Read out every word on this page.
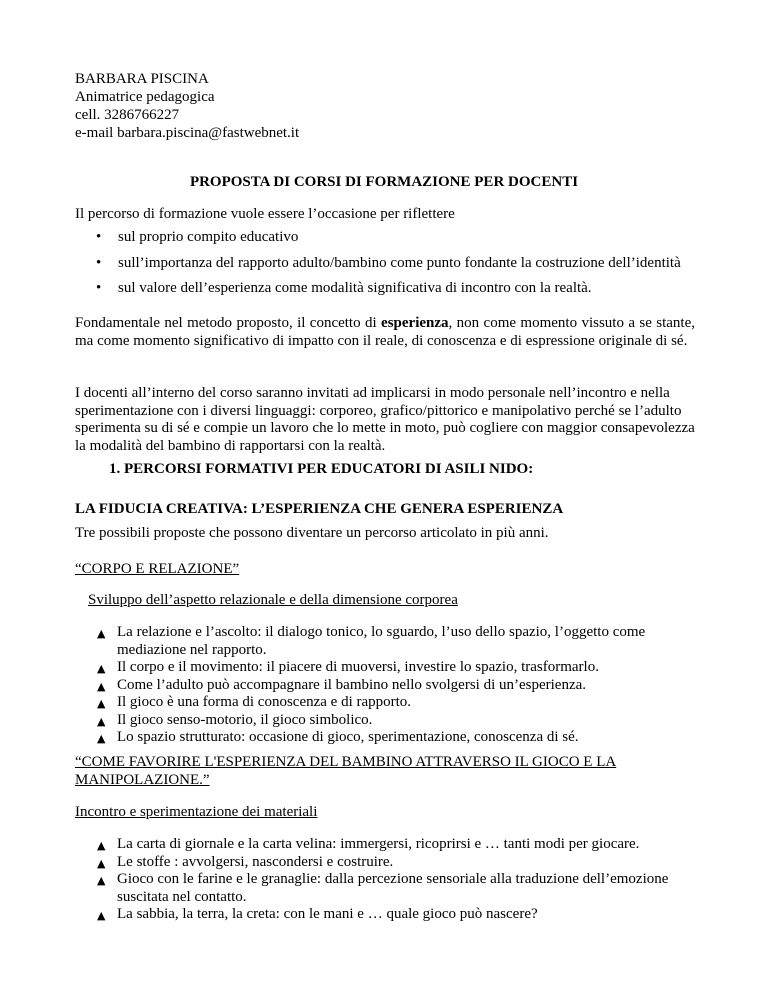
BARBARA PISCINA
Animatrice pedagogica
cell. 3286766227
e-mail barbara.piscina@fastwebnet.it
PROPOSTA DI CORSI DI FORMAZIONE PER DOCENTI
Il percorso di formazione vuole essere l’occasione per riflettere
• sul proprio compito educativo
• sull’importanza del rapporto adulto/bambino come punto fondante la costruzione dell’identità
• sul valore dell’esperienza come modalità significativa di incontro con la realtà.
Fondamentale nel metodo proposto, il concetto di esperienza, non come momento vissuto a se stante, ma come momento significativo di impatto con il reale, di conoscenza e di espressione originale di sé.
I docenti all’interno del corso saranno invitati ad implicarsi in modo personale nell’incontro e nella sperimentazione con i diversi linguaggi: corporeo, grafico/pittorico e manipolativo perché se l’adulto sperimenta su di sé e compie un lavoro che lo mette in moto, può cogliere con maggior consapevolezza la modalità del bambino di rapportarsi con la realtà.
1. PERCORSI FORMATIVI PER EDUCATORI DI ASILI NIDO:
LA FIDUCIA CREATIVA: L’ESPERIENZA CHE GENERA ESPERIENZA
Tre possibili proposte che possono diventare un percorso articolato in più anni.
“CORPO E RELAZIONE”
Sviluppo dell’aspetto relazionale e della dimensione corporea
▲ La relazione e l’ascolto: il dialogo tonico, lo sguardo, l’uso dello spazio, l’oggetto come mediazione nel rapporto.
▲ Il corpo e il movimento: il piacere di muoversi, investire lo spazio, trasformarlo.
▲ Come l’adulto può accompagnare il bambino nello svolgersi di un’esperienza.
▲ Il gioco è una forma di conoscenza e di rapporto.
▲ Il gioco senso-motorio, il gioco simbolico.
▲ Lo spazio strutturato: occasione di gioco, sperimentazione, conoscenza di sé.
“COME FAVORIRE L'ESPERIENZA DEL BAMBINO ATTRAVERSO IL GIOCO E LA MANIPOLAZIONE.”
Incontro e sperimentazione dei materiali
▲ La carta di giornale e la carta velina: immergersi, ricoprirsi e … tanti modi per giocare.
▲ Le stoffe : avvolgersi, nascondersi e costruire.
▲ Gioco con le farine e le granaglie: dalla percezione sensoriale alla traduzione dell’emozione suscitata nel contatto.
▲ La sabbia, la terra, la creta: con le mani e … quale gioco può nascere?
